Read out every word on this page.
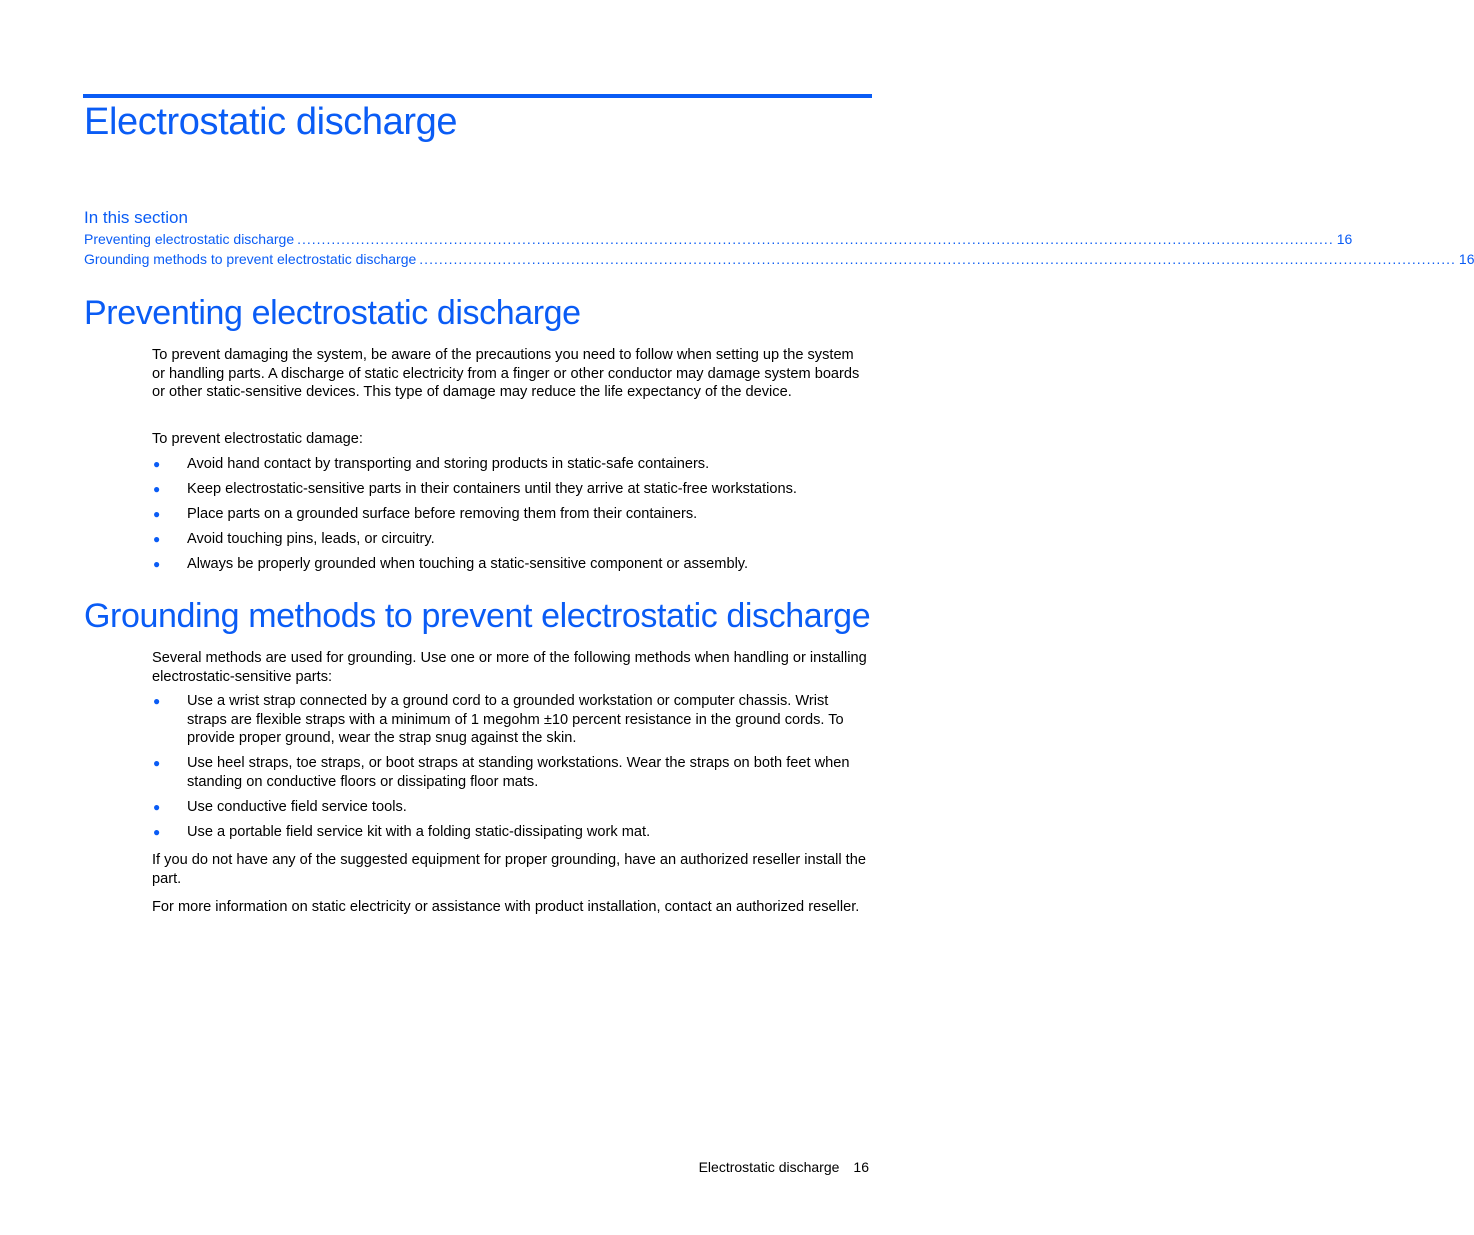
Electrostatic discharge
In this section
Preventing electrostatic discharge .................................................................................................................................................................................................................... 16
Grounding methods to prevent electrostatic discharge .................................................................................................................................................................................................................... 16
Preventing electrostatic discharge

To prevent damaging the system, be aware of the precautions you need to follow when setting up the system or handling parts. A discharge of static electricity from a finger or other conductor may damage system boards or other static-sensitive devices. This type of damage may reduce the life expectancy of the device.

To prevent electrostatic damage:

● Avoid hand contact by transporting and storing products in static-safe containers.
● Keep electrostatic-sensitive parts in their containers until they arrive at static-free workstations.
● Place parts on a grounded surface before removing them from their containers.
● Avoid touching pins, leads, or circuitry.
● Always be properly grounded when touching a static-sensitive component or assembly.
Grounding methods to prevent electrostatic discharge

Several methods are used for grounding. Use one or more of the following methods when handling or installing electrostatic-sensitive parts:

● Use a wrist strap connected by a ground cord to a grounded workstation or computer chassis. Wrist straps are flexible straps with a minimum of 1 megohm ±10 percent resistance in the ground cords. To provide proper ground, wear the strap snug against the skin.
● Use heel straps, toe straps, or boot straps at standing workstations. Wear the straps on both feet when standing on conductive floors or dissipating floor mats.
● Use conductive field service tools.
● Use a portable field service kit with a folding static-dissipating work mat.

If you do not have any of the suggested equipment for proper grounding, have an authorized reseller install the part.

For more information on static electricity or assistance with product installation, contact an authorized reseller.

Electrostatic discharge 16
